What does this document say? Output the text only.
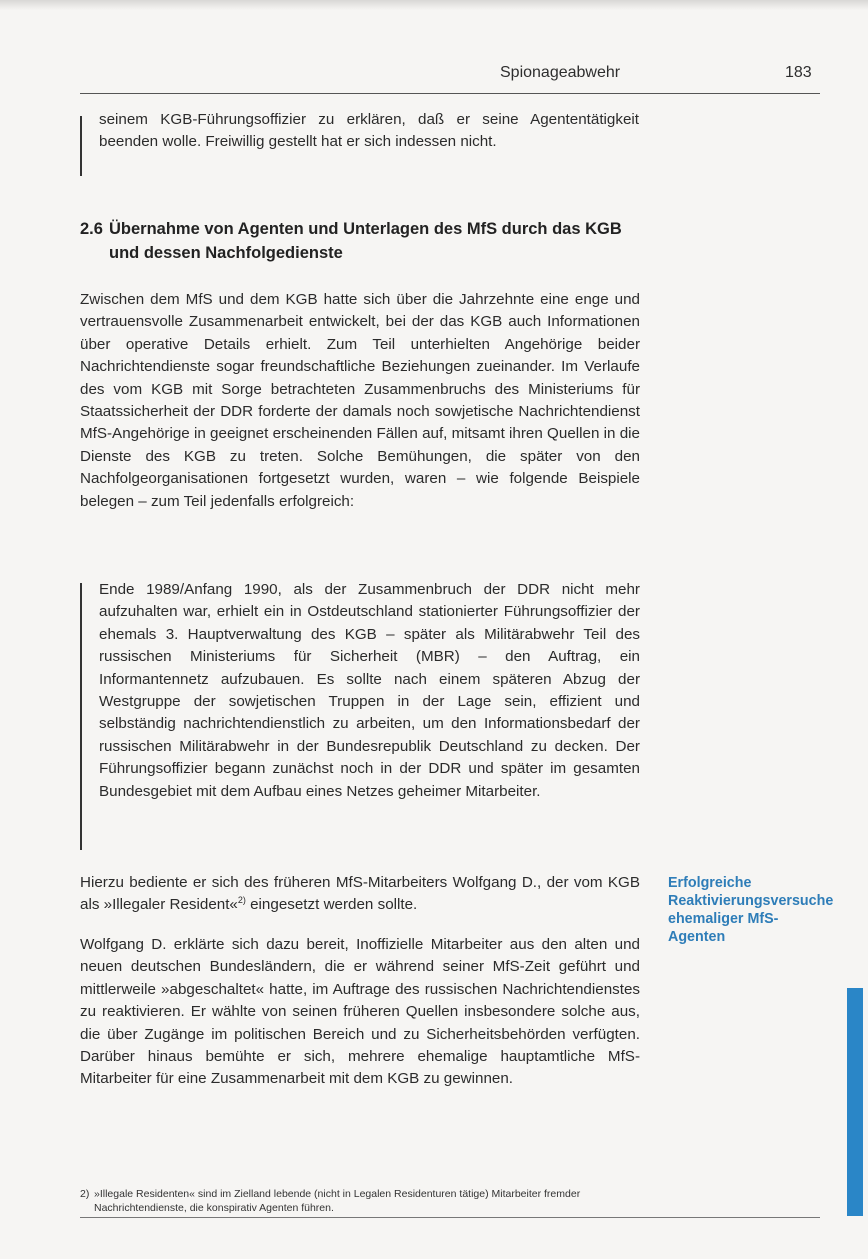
Spionageabwehr	183

seinem KGB-Führungsoffizier zu erklären, daß er seine Agententätigkeit beenden wolle. Freiwillig gestellt hat er sich indessen nicht.

2.6 Übernahme von Agenten und Unterlagen des MfS durch das KGB und dessen Nachfolgedienste

Zwischen dem MfS und dem KGB hatte sich über die Jahrzehnte eine enge und vertrauensvolle Zusammenarbeit entwickelt, bei der das KGB auch Informationen über operative Details erhielt. Zum Teil unterhielten Angehörige beider Nachrichtendienste sogar freundschaftliche Beziehungen zueinander. Im Verlaufe des vom KGB mit Sorge betrachteten Zusammenbruchs des Ministeriums für Staatssicherheit der DDR forderte der damals noch sowjetische Nachrichtendienst MfS-Angehörige in geeignet erscheinenden Fällen auf, mitsamt ihren Quellen in die Dienste des KGB zu treten. Solche Bemühungen, die später von den Nachfolgeorganisationen fortgesetzt wurden, waren – wie folgende Beispiele belegen – zum Teil jedenfalls erfolgreich:

Ende 1989/Anfang 1990, als der Zusammenbruch der DDR nicht mehr aufzuhalten war, erhielt ein in Ostdeutschland stationierter Führungsoffizier der ehemals 3. Hauptverwaltung des KGB – später als Militärabwehr Teil des russischen Ministeriums für Sicherheit (MBR) – den Auftrag, ein Informantennetz aufzubauen. Es sollte nach einem späteren Abzug der Westgruppe der sowjetischen Truppen in der Lage sein, effizient und selbständig nachrichtendienstlich zu arbeiten, um den Informationsbedarf der russischen Militärabwehr in der Bundesrepublik Deutschland zu decken. Der Führungsoffizier begann zunächst noch in der DDR und später im gesamten Bundesgebiet mit dem Aufbau eines Netzes geheimer Mitarbeiter.

Hierzu bediente er sich des früheren MfS-Mitarbeiters Wolfgang D., der vom KGB als »Illegaler Resident«$^{2)}$ eingesetzt werden sollte.

Wolfgang D. erklärte sich dazu bereit, Inoffizielle Mitarbeiter aus den alten und neuen deutschen Bundesländern, die er während seiner MfS-Zeit geführt und mittlerweile »abgeschaltet« hatte, im Auftrage des russischen Nachrichtendienstes zu reaktivieren. Er wählte von seinen früheren Quellen insbesondere solche aus, die über Zugänge im politischen Bereich und zu Sicherheitsbehörden verfügten. Darüber hinaus bemühte er sich, mehrere ehemalige hauptamtliche MfS-Mitarbeiter für eine Zusammenarbeit mit dem KGB zu gewinnen.

Erfolgreiche Reaktivierungsversuche ehemaliger MfS-Agenten
2) »Illegale Residenten« sind im Zielland lebende (nicht in Legalen Residenturen tätige) Mitarbeiter fremder Nachrichtendienste, die konspirativ Agenten führen.
